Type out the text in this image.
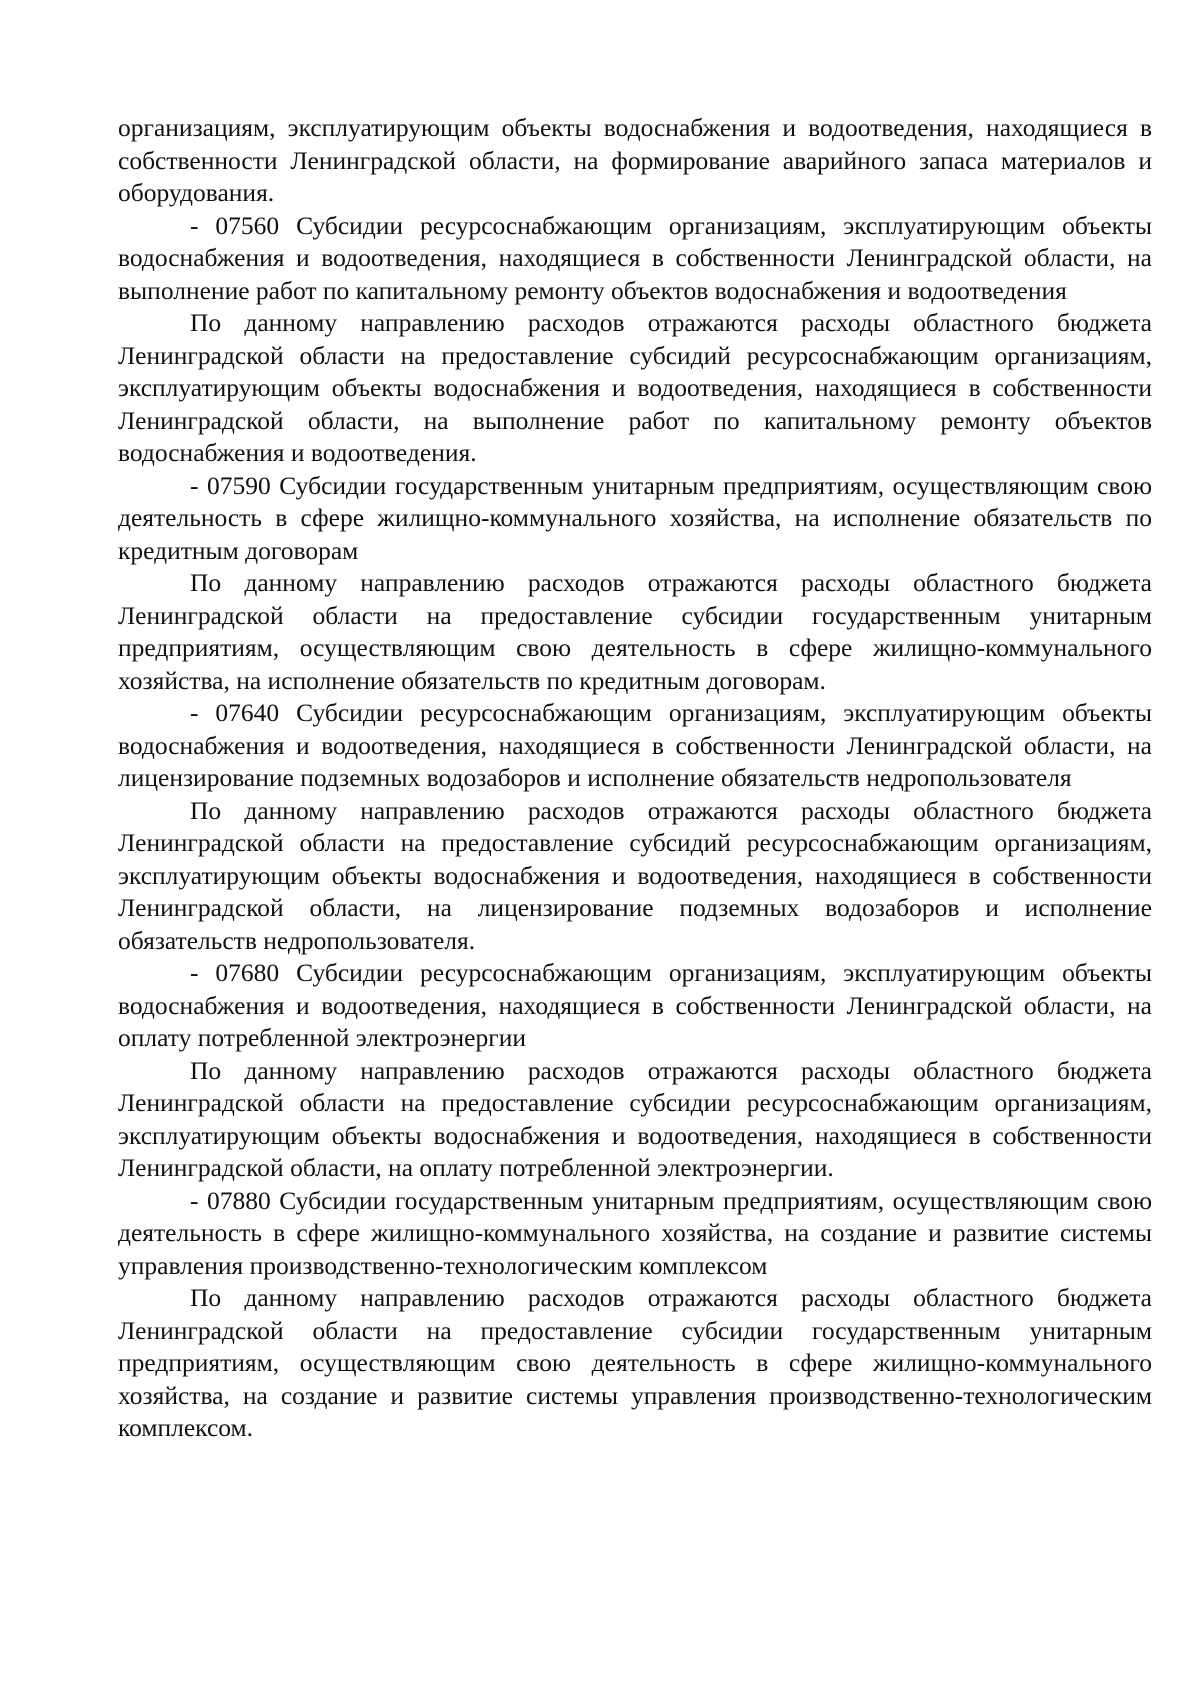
организациям, эксплуатирующим объекты водоснабжения и водоотведения, находящиеся в собственности Ленинградской области, на формирование аварийного запаса материалов и оборудования.

- 07560 Субсидии ресурсоснабжающим организациям, эксплуатирующим объекты водоснабжения и водоотведения, находящиеся в собственности Ленинградской области, на выполнение работ по капитальному ремонту объектов водоснабжения и водоотведения

По данному направлению расходов отражаются расходы областного бюджета Ленинградской области на предоставление субсидий ресурсоснабжающим организациям, эксплуатирующим объекты водоснабжения и водоотведения, находящиеся в собственности Ленинградской области, на выполнение работ по капитальному ремонту объектов водоснабжения и водоотведения.

- 07590 Субсидии государственным унитарным предприятиям, осуществляющим свою деятельность в сфере жилищно-коммунального хозяйства, на исполнение обязательств по кредитным договорам

По данному направлению расходов отражаются расходы областного бюджета Ленинградской области на предоставление субсидии государственным унитарным предприятиям, осуществляющим свою деятельность в сфере жилищно-коммунального хозяйства, на исполнение обязательств по кредитным договорам.

- 07640 Субсидии ресурсоснабжающим организациям, эксплуатирующим объекты водоснабжения и водоотведения, находящиеся в собственности Ленинградской области, на лицензирование подземных водозаборов и исполнение обязательств недропользователя

По данному направлению расходов отражаются расходы областного бюджета Ленинградской области на предоставление субсидий ресурсоснабжающим организациям, эксплуатирующим объекты водоснабжения и водоотведения, находящиеся в собственности Ленинградской области, на лицензирование подземных водозаборов и исполнение обязательств недропользователя.

- 07680 Субсидии ресурсоснабжающим организациям, эксплуатирующим объекты водоснабжения и водоотведения, находящиеся в собственности Ленинградской области, на оплату потребленной электроэнергии

По данному направлению расходов отражаются расходы областного бюджета Ленинградской области на предоставление субсидии ресурсоснабжающим организациям, эксплуатирующим объекты водоснабжения и водоотведения, находящиеся в собственности Ленинградской области, на оплату потребленной электроэнергии.

- 07880 Субсидии государственным унитарным предприятиям, осуществляющим свою деятельность в сфере жилищно-коммунального хозяйства, на создание и развитие системы управления производственно-технологическим комплексом

По данному направлению расходов отражаются расходы областного бюджета Ленинградской области на предоставление субсидии государственным унитарным предприятиям, осуществляющим свою деятельность в сфере жилищно-коммунального хозяйства, на создание и развитие системы управления производственно-технологическим комплексом.
